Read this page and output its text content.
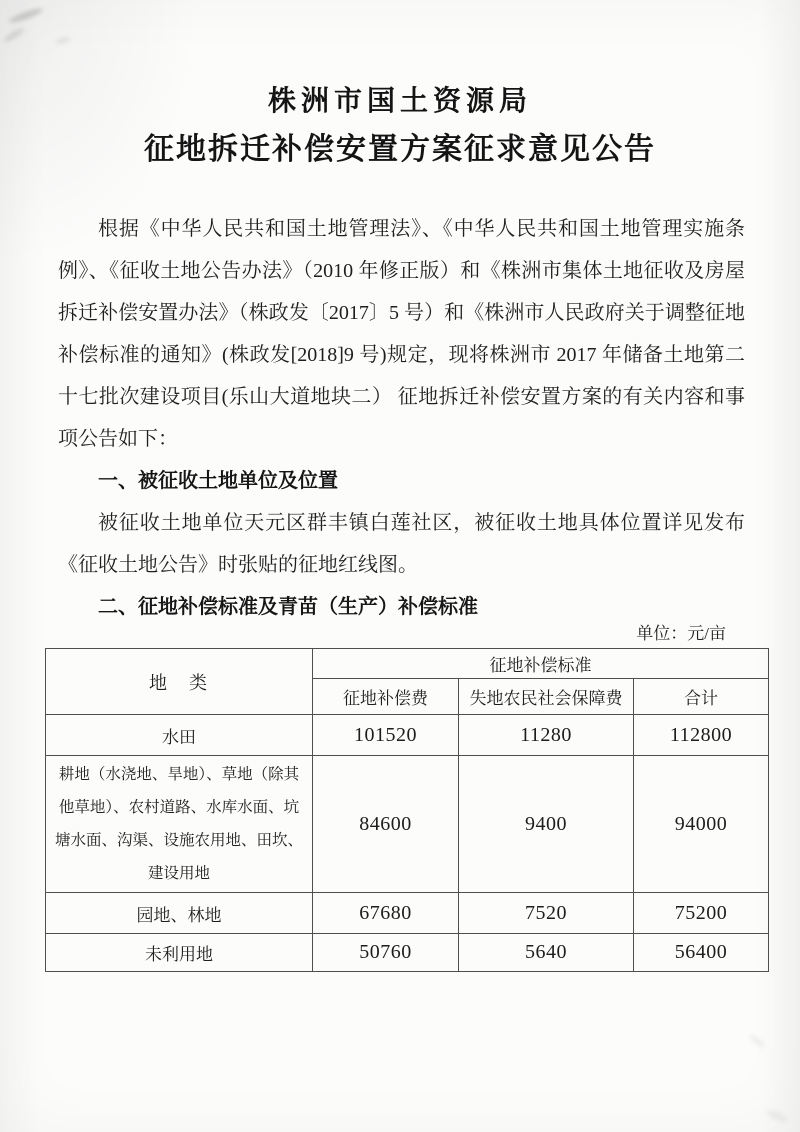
株洲市国土资源局
征地拆迁补偿安置方案征求意见公告

根据《中华人民共和国土地管理法》、《中华人民共和国土地管理实施条例》、《征收土地公告办法》（2010 年修正版）和《株洲市集体土地征收及房屋拆迁补偿安置办法》（株政发〔2017〕5 号）和《株洲市人民政府关于调整征地补偿标准的通知》(株政发[2018]9 号)规定，现将株洲市 2017 年储备土地第二十七批次建设项目(乐山大道地块二） 征地拆迁补偿安置方案的有关内容和事项公告如下：

一、被征收土地单位及位置

被征收土地单位天元区群丰镇白莲社区，被征收土地具体位置详见发布《征收土地公告》时张贴的征地红线图。

二、征地补偿标准及青苗（生产）补偿标准

单位：元/亩
地　类	征地补偿标准		
	征地补偿费	失地农民社会保障费	合计
水田	101520	11280	112800
耕地（水浇地、旱地）、草地（除其他草地）、农村道路、水库水面、坑塘水面、沟渠、设施农用地、田坎、建设用地	84600	9400	94000
园地、林地	67680	7520	75200
未利用地	50760	5640	56400
